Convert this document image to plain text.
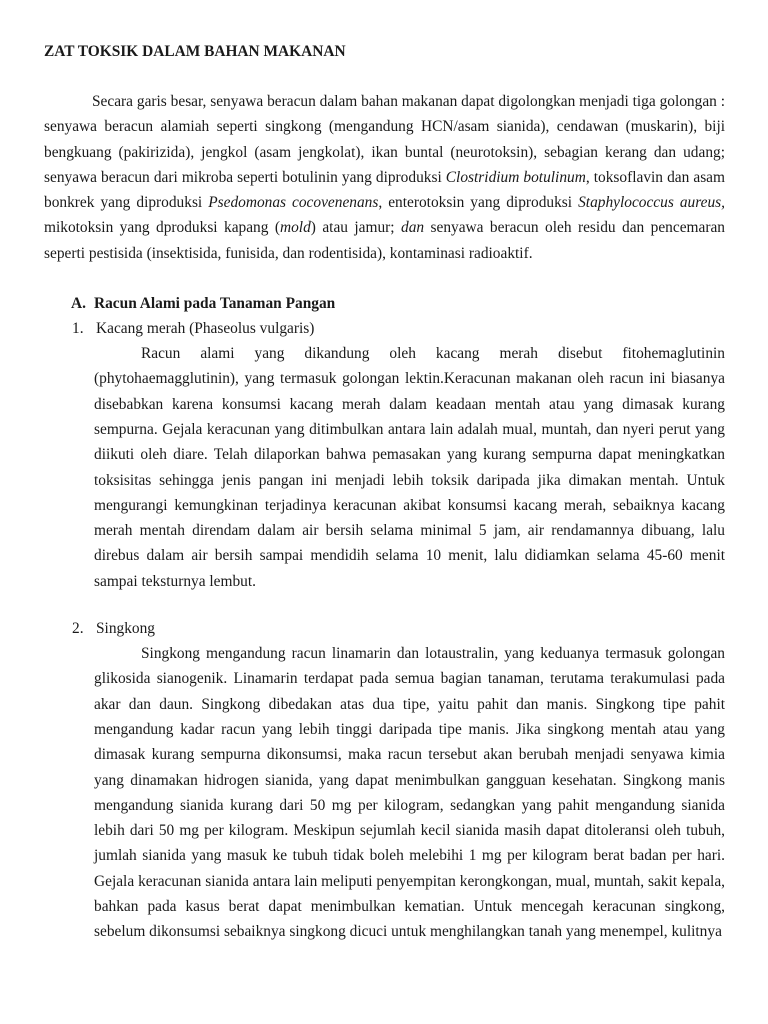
ZAT TOKSIK DALAM BAHAN MAKANAN

Secara garis besar, senyawa beracun dalam bahan makanan dapat digolongkan menjadi tiga golongan : senyawa beracun alamiah seperti singkong (mengandung HCN/asam sianida), cendawan (muskarin), biji bengkuang (pakirizida), jengkol (asam jengkolat), ikan buntal (neurotoksin), sebagian kerang dan udang; senyawa beracun dari mikroba seperti botulinin yang diproduksi Clostridium botulinum, toksoflavin dan asam bonkrek yang diproduksi Psedomonas cocovenenans, enterotoksin yang diproduksi Staphylococcus aureus, mikotoksin yang dproduksi kapang (mold) atau jamur; dan senyawa beracun oleh residu dan pencemaran seperti pestisida (insektisida, funisida, dan rodentisida), kontaminasi radioaktif.

A. Racun Alami pada Tanaman Pangan
1. Kacang merah (Phaseolus vulgaris)

Racun alami yang dikandung oleh kacang merah disebut fitohemaglutinin (phytohaemagglutinin), yang termasuk golongan lektin.Keracunan makanan oleh racun ini biasanya disebabkan karena konsumsi kacang merah dalam keadaan mentah atau yang dimasak kurang sempurna. Gejala keracunan yang ditimbulkan antara lain adalah mual, muntah, dan nyeri perut yang diikuti oleh diare. Telah dilaporkan bahwa pemasakan yang kurang sempurna dapat meningkatkan toksisitas sehingga jenis pangan ini menjadi lebih toksik daripada jika dimakan mentah. Untuk mengurangi kemungkinan terjadinya keracunan akibat konsumsi kacang merah, sebaiknya kacang merah mentah direndam dalam air bersih selama minimal 5 jam, air rendamannya dibuang, lalu direbus dalam air bersih sampai mendidih selama 10 menit, lalu didiamkan selama 45-60 menit sampai teksturnya lembut.

2. Singkong

Singkong mengandung racun linamarin dan lotaustralin, yang keduanya termasuk golongan glikosida sianogenik. Linamarin terdapat pada semua bagian tanaman, terutama terakumulasi pada akar dan daun. Singkong dibedakan atas dua tipe, yaitu pahit dan manis. Singkong tipe pahit mengandung kadar racun yang lebih tinggi daripada tipe manis. Jika singkong mentah atau yang dimasak kurang sempurna dikonsumsi, maka racun tersebut akan berubah menjadi senyawa kimia yang dinamakan hidrogen sianida, yang dapat menimbulkan gangguan kesehatan. Singkong manis mengandung sianida kurang dari 50 mg per kilogram, sedangkan yang pahit mengandung sianida lebih dari 50 mg per kilogram. Meskipun sejumlah kecil sianida masih dapat ditoleransi oleh tubuh, jumlah sianida yang masuk ke tubuh tidak boleh melebihi 1 mg per kilogram berat badan per hari. Gejala keracunan sianida antara lain meliputi penyempitan kerongkongan, mual, muntah, sakit kepala, bahkan pada kasus berat dapat menimbulkan kematian. Untuk mencegah keracunan singkong, sebelum dikonsumsi sebaiknya singkong dicuci untuk menghilangkan tanah yang menempel, kulitnya
